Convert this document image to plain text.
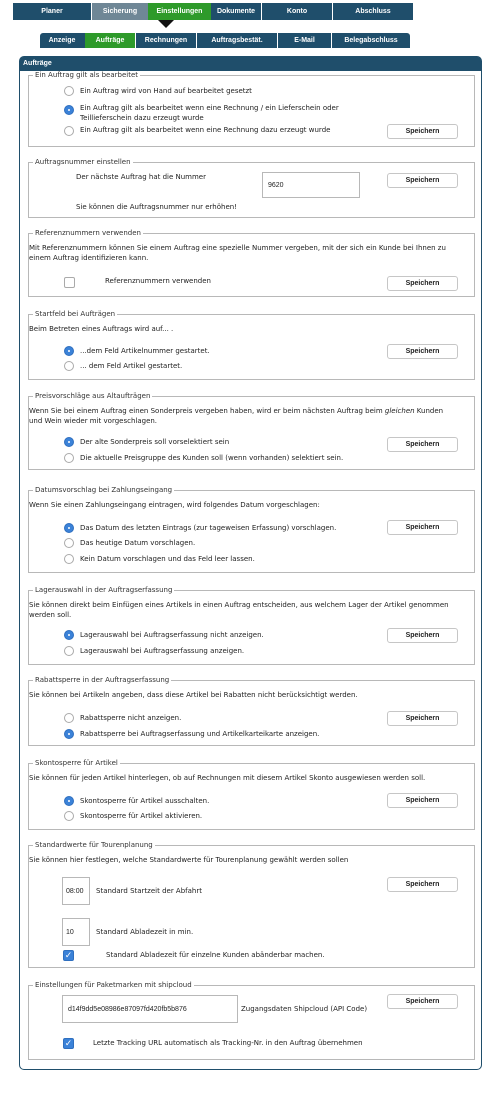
Planer	Sicherung	Einstellungen	Dokumente	Konto	Abschluss
Anzeige	Aufträge	Rechnungen	Auftragsbestät.	E-Mail	Belegabschluss
Aufträge
Ein Auftrag gilt als bearbeitet
Ein Auftrag wird von Hand auf bearbeitet gesetzt
Ein Auftrag gilt als bearbeitet wenn eine Rechnung / ein Lieferschein oder Teillieferschein dazu erzeugt wurde
Ein Auftrag gilt als bearbeitet wenn eine Rechnung dazu erzeugt wurde	Speichern
Auftragsnummer einstellen
Der nächste Auftrag hat die Nummer
9620
Sie können die Auftragsnummer nur erhöhen!
Speichern
Referenznummern verwenden
Mit Referenznummern können Sie einem Auftrag eine spezielle Nummer vergeben, mit der sich ein Kunde bei Ihnen zu einem Auftrag identifizieren kann.
Referenznummern verwenden	Speichern
Startfeld bei Aufträgen
Beim Betreten eines Auftrags wird auf... .
...dem Feld Artikelnummer gestartet.
... dem Feld Artikel gestartet.
Speichern
Preisvorschläge aus Altaufträgen
Wenn Sie bei einem Auftrag einen Sonderpreis vergeben haben, wird er beim nächsten Auftrag beim gleichen Kunden
und Wein wieder mit vorgeschlagen.
Der alte Sonderpreis soll vorselektiert sein
Die aktuelle Preisgruppe des Kunden soll (wenn vorhanden) selektiert sein.
Speichern
Datumsvorschlag bei Zahlungseingang
Wenn Sie einen Zahlungseingang eintragen, wird folgendes Datum vorgeschlagen:
Das Datum des letzten Eintrags (zur tageweisen Erfassung) vorschlagen.
Das heutige Datum vorschlagen.
Kein Datum vorschlagen und das Feld leer lassen.
Speichern
Lagerauswahl in der Auftragserfassung
Sie können direkt beim Einfügen eines Artikels in einen Auftrag entscheiden, aus welchem Lager der Artikel genommen werden soll.
Lagerauswahl bei Auftragserfassung nicht anzeigen.
Lagerauswahl bei Auftragserfassung anzeigen.
Speichern
Rabattsperre in der Auftragserfassung
Sie können bei Artikeln angeben, dass diese Artikel bei Rabatten nicht berücksichtigt werden.
Rabattsperre nicht anzeigen.
Rabattsperre bei Auftragserfassung und Artikelkarteikarte anzeigen.
Speichern
Skontosperre für Artikel
Sie können für jeden Artikel hinterlegen, ob auf Rechnungen mit diesem Artikel Skonto ausgewiesen werden soll.
Skontosperre für Artikel ausschalten.
Skontosperre für Artikel aktivieren.
Speichern
Standardwerte für Tourenplanung
Sie können hier festlegen, welche Standardwerte für Tourenplanung gewählt werden sollen
08:00	Standard Startzeit der Abfahrt
10	Standard Abladezeit in min.
✓	Standard Abladezeit für einzelne Kunden abänderbar machen.
Speichern
Einstellungen für Paketmarken mit shipcloud
d14f9dd5e08986e87097fd420fb5b876	Zugangsdaten Shipcloud (API Code)
✓	Letzte Tracking URL automatisch als Tracking-Nr. in den Auftrag übernehmen
Speichern
